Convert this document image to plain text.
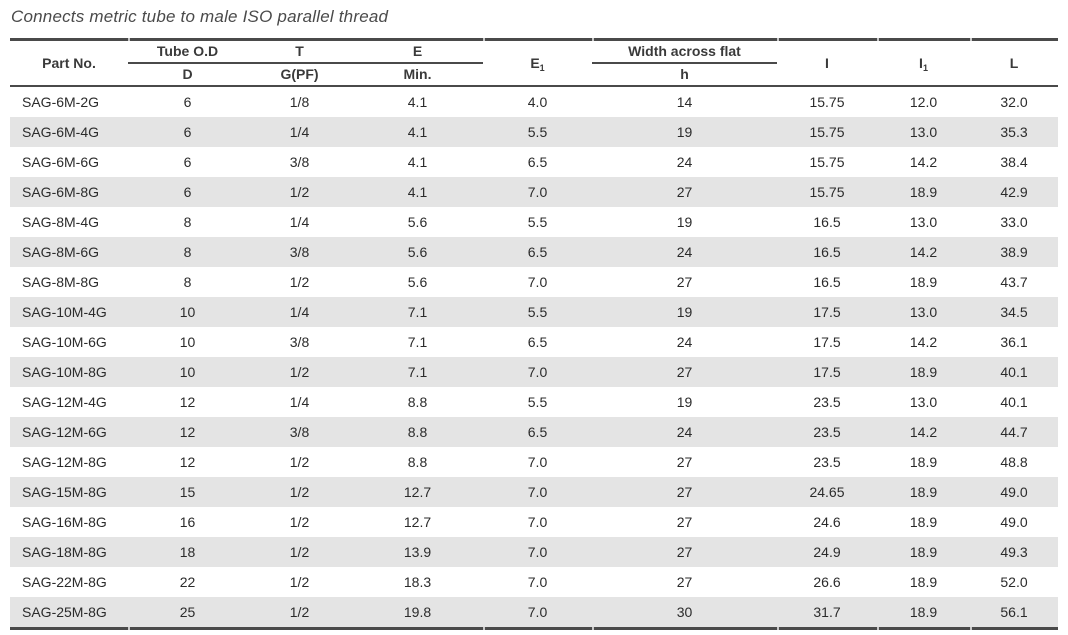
Connects metric tube to male ISO parallel thread
Part No.	Tube O.D	T	E	$E_1$	Width across flat	I	$I_1$	L
	D	G(PF)	Min.		h			
SAG-6M-2G	6	1/8	4.1	4.0	14	15.75	12.0	32.0
SAG-6M-4G	6	1/4	4.1	5.5	19	15.75	13.0	35.3
SAG-6M-6G	6	3/8	4.1	6.5	24	15.75	14.2	38.4
SAG-6M-8G	6	1/2	4.1	7.0	27	15.75	18.9	42.9
SAG-8M-4G	8	1/4	5.6	5.5	19	16.5	13.0	33.0
SAG-8M-6G	8	3/8	5.6	6.5	24	16.5	14.2	38.9
SAG-8M-8G	8	1/2	5.6	7.0	27	16.5	18.9	43.7
SAG-10M-4G	10	1/4	7.1	5.5	19	17.5	13.0	34.5
SAG-10M-6G	10	3/8	7.1	6.5	24	17.5	14.2	36.1
SAG-10M-8G	10	1/2	7.1	7.0	27	17.5	18.9	40.1
SAG-12M-4G	12	1/4	8.8	5.5	19	23.5	13.0	40.1
SAG-12M-6G	12	3/8	8.8	6.5	24	23.5	14.2	44.7
SAG-12M-8G	12	1/2	8.8	7.0	27	23.5	18.9	48.8
SAG-15M-8G	15	1/2	12.7	7.0	27	24.65	18.9	49.0
SAG-16M-8G	16	1/2	12.7	7.0	27	24.6	18.9	49.0
SAG-18M-8G	18	1/2	13.9	7.0	27	24.9	18.9	49.3
SAG-22M-8G	22	1/2	18.3	7.0	27	26.6	18.9	52.0
SAG-25M-8G	25	1/2	19.8	7.0	30	31.7	18.9	56.1
